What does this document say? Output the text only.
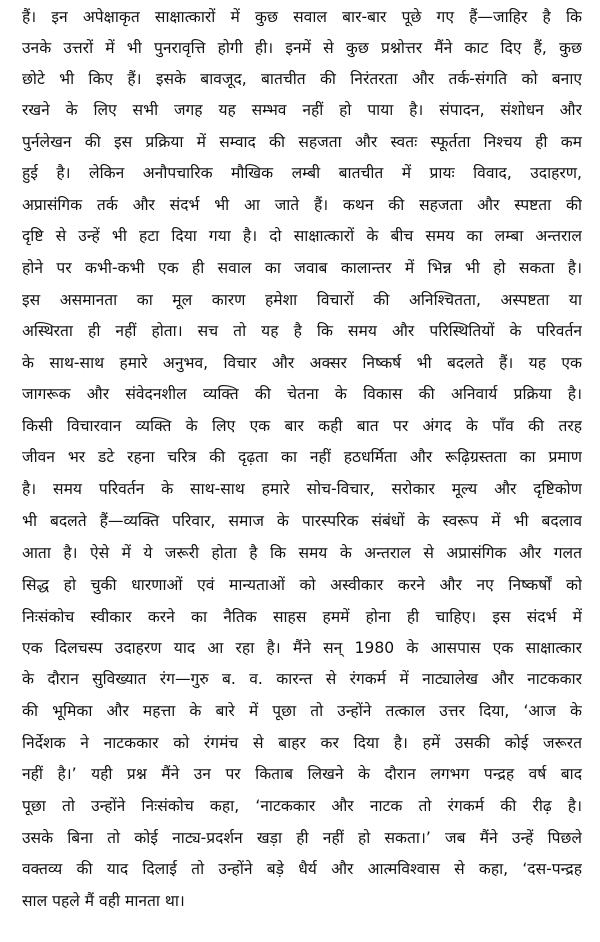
हैं। इन अपेक्षाकृत साक्षात्कारों में कुछ सवाल बार-बार पूछे गए हैं—जाहिर है कि
उनके उत्तरों में भी पुनरावृत्ति होगी ही। इनमें से कुछ प्रश्नोत्तर मैंने काट दिए हैं, कुछ
छोटे भी किए हैं। इसके बावजूद, बातचीत की निरंतरता और तर्क-संगति को बनाए
रखने के लिए सभी जगह यह सम्भव नहीं हो पाया है। संपादन, संशोधन और
पुर्नलेखन की इस प्रक्रिया में सम्वाद की सहजता और स्वतः स्फूर्तता निश्चय ही कम
हुई है। लेकिन अनौपचारिक मौखिक लम्बी बातचीत में प्रायः विवाद, उदाहरण,
अप्रासंगिक तर्क और संदर्भ भी आ जाते हैं। कथन की सहजता और स्पष्टता की
दृष्टि से उन्हें भी हटा दिया गया है। दो साक्षात्कारों के बीच समय का लम्बा अन्तराल
होने पर कभी-कभी एक ही सवाल का जवाब कालान्तर में भिन्न भी हो सकता है।
इस असमानता का मूल कारण हमेशा विचारों की अनिश्चितता, अस्पष्टता या
अस्थिरता ही नहीं होता। सच तो यह है कि समय और परिस्थितियों के परिवर्तन
के साथ-साथ हमारे अनुभव, विचार और अक्सर निष्कर्ष भी बदलते हैं। यह एक
जागरूक और संवेदनशील व्यक्ति की चेतना के विकास की अनिवार्य प्रक्रिया है।
किसी विचारवान व्यक्ति के लिए एक बार कही बात पर अंगद के पाँव की तरह
जीवन भर डटे रहना चरित्र की दृढ़ता का नहीं हठधर्मिता और रूढ़िग्रस्तता का प्रमाण
है। समय परिवर्तन के साथ-साथ हमारे सोच-विचार, सरोकार मूल्य और दृष्टिकोण
भी बदलते हैं—व्यक्ति परिवार, समाज के पारस्परिक संबंधों के स्वरूप में भी बदलाव
आता है। ऐसे में ये जरूरी होता है कि समय के अन्तराल से अप्रासंगिक और गलत
सिद्ध हो चुकी धारणाओं एवं मान्यताओं को अस्वीकार करने और नए निष्कर्षों को
निःसंकोच स्वीकार करने का नैतिक साहस हममें होना ही चाहिए। इस संदर्भ में
एक दिलचस्प उदाहरण याद आ रहा है। मैंने सन् 1980 के आसपास एक साक्षात्कार
के दौरान सुविख्यात रंग—गुरु ब. व. कारन्त से रंगकर्म में नाट्यालेख और नाटककार
की भूमिका और महत्ता के बारे में पूछा तो उन्होंने तत्काल उत्तर दिया, ‘आज के
निर्देशक ने नाटककार को रंगमंच से बाहर कर दिया है। हमें उसकी कोई जरूरत
नहीं है।’ यही प्रश्न मैंने उन पर किताब लिखने के दौरान लगभग पन्द्रह वर्ष बाद
पूछा तो उन्होंने निःसंकोच कहा, ‘नाटककार और नाटक तो रंगकर्म की रीढ़ है।
उसके बिना तो कोई नाट्य-प्रदर्शन खड़ा ही नहीं हो सकता।’ जब मैंने उन्हें पिछले
वक्तव्य की याद दिलाई तो उन्होंने बड़े धैर्य और आत्मविश्वास से कहा, ‘दस-पन्द्रह
साल पहले मैं वही मानता था।
